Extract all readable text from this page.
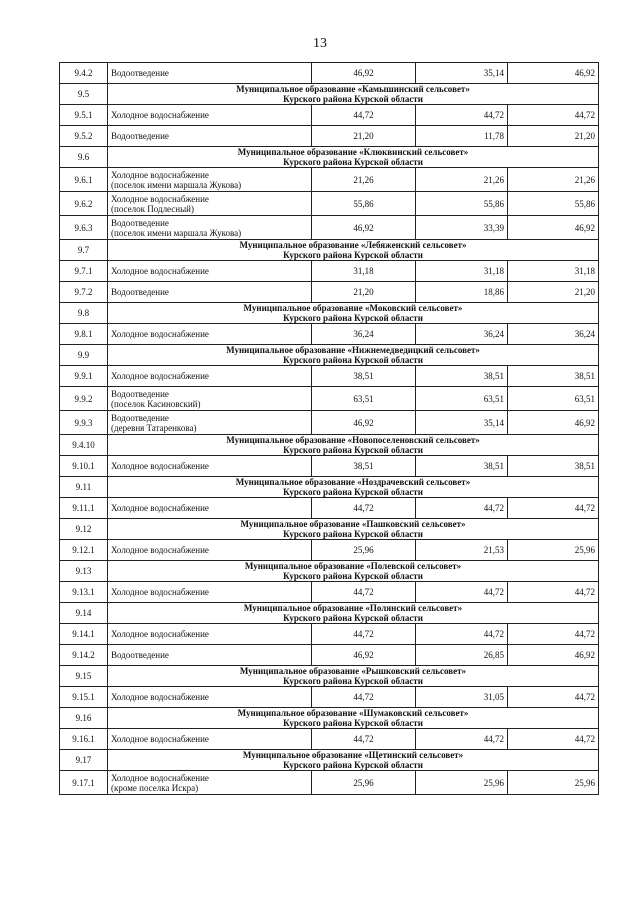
13
9.4.2	Водоотведение	46,92	35,14	46,92
9.5	Муниципальное образование «Камышинский сельсовет»
Курского района Курской области			

9.5.1	Холодное водоснабжение	44,72	44,72	44,72
9.5.2	Водоотведение	21,20	11,78	21,20
9.6	Муниципальное образование «Клюквинский сельсовет»
Курского района Курской области			

9.6.1	Холодное водоснабжение
(поселок имени маршала Жукова)	21,26	21,26	21,26
9.6.2	Холодное водоснабжение
(поселок Подлесный)	55,86	55,86	55,86
9.6.3	Водоотведение
(поселок имени маршала Жукова)	46,92	33,39	46,92
9.7	Муниципальное образование «Лебяженский сельсовет»
Курского района Курской области			

9.7.1	Холодное водоснабжение	31,18	31,18	31,18
9.7.2	Водоотведение	21,20	18,86	21,20
9.8	Муниципальное образование «Моковский сельсовет»
Курского района Курской области			

9.8.1	Холодное водоснабжение	36,24	36,24	36,24
9.9	Муниципальное образование «Нижнемедведицкий сельсовет»
Курского района Курской области			

9.9.1	Холодное водоснабжение	38,51	38,51	38,51
9.9.2	Водоотведение
(поселок Касиновский)	63,51	63,51	63,51
9.9.3	Водоотведение
(деревня Татаренкова)	46,92	35,14	46,92
9.4.10	Муниципальное образование «Новопоселеновский сельсовет»
Курского района Курской области			

9.10.1	Холодное водоснабжение	38,51	38,51	38,51
9.11	Муниципальное образование «Ноздрачевский сельсовет»
Курского района Курской области			

9.11.1	Холодное водоснабжение	44,72	44,72	44,72
9.12	Муниципальное образование «Пашковский сельсовет»
Курского района Курской области			

9.12.1	Холодное водоснабжение	25,96	21,53	25,96
9.13	Муниципальное образование «Полевской сельсовет»
Курского района Курской области			

9.13.1	Холодное водоснабжение	44,72	44,72	44,72
9.14	Муниципальное образование «Полянский сельсовет»
Курского района Курской области			

9.14.1	Холодное водоснабжение	44,72	44,72	44,72
9.14.2	Водоотведение	46,92	26,85	46,92
9.15	Муниципальное образование «Рышковский сельсовет»
Курского района Курской области			

9.15.1	Холодное водоснабжение	44,72	31,05	44,72
9.16	Муниципальное образование «Шумаковский сельсовет»
Курского района Курской области			

9.16.1	Холодное водоснабжение	44,72	44,72	44,72
9.17	Муниципальное образование «Щетинский сельсовет»
Курского района Курской области			

9.17.1	Холодное водоснабжение
(кроме поселка Искра)	25,96	25,96	25,96
